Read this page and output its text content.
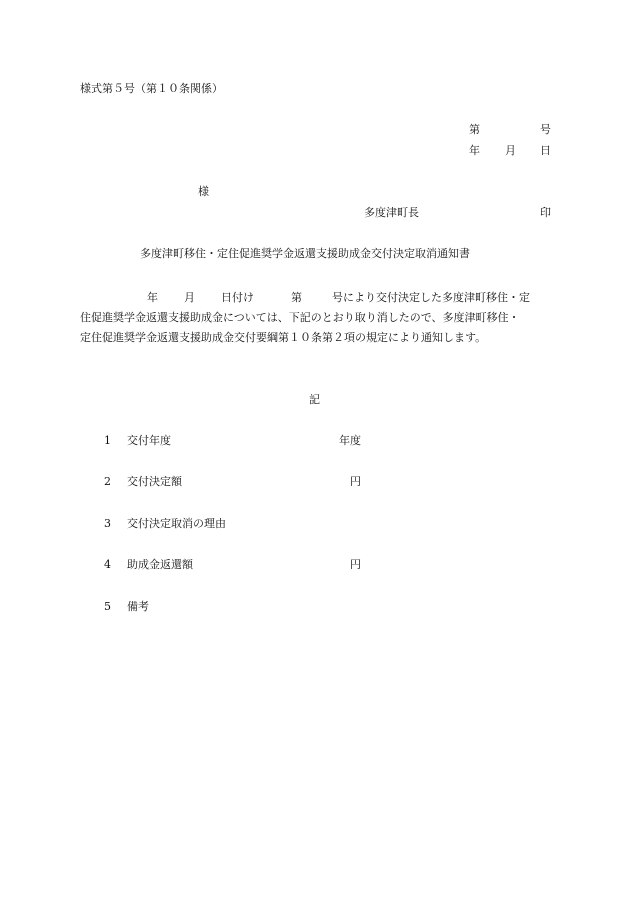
様式第５号（第１０条関係）
第	号
年 月 日
様
多度津町長	印
多度津町移住・定住促進奨学金返還支援助成金交付決定取消通知書
年 月 日付け	第	号により交付決定した多度津町移住・定
住促進奨学金返還支援助成金については、下記のとおり取り消したので、多度津町移住・
定住促進奨学金返還支援助成金交付要綱第１０条第２項の規定により通知します。
記
1 交付年度	年度
2 交付決定額	円
3 交付決定取消の理由
4 助成金返還額	円
5 備考
